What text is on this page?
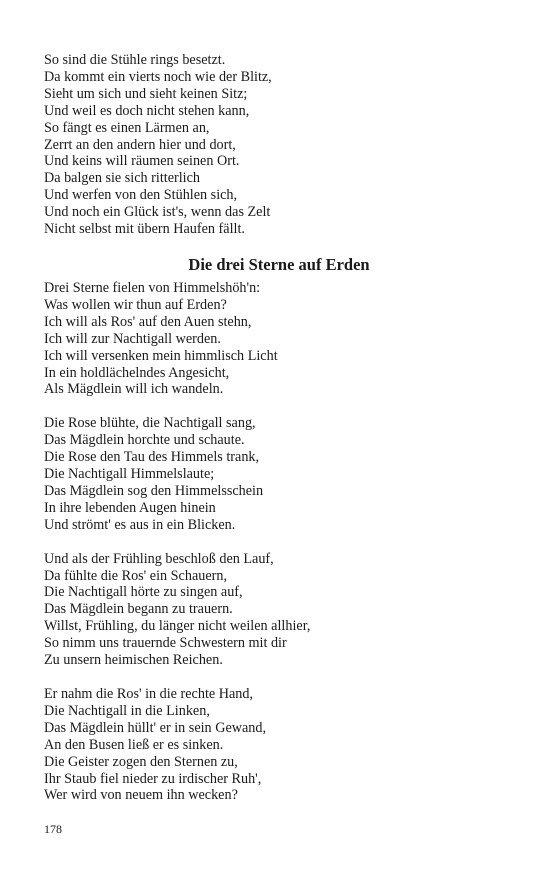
So sind die Stühle rings besetzt.
Da kommt ein vierts noch wie der Blitz,
Sieht um sich und sieht keinen Sitz;
Und weil es doch nicht stehen kann,
So fängt es einen Lärmen an,
Zerrt an den andern hier und dort,
Und keins will räumen seinen Ort.
Da balgen sie sich ritterlich
Und werfen von den Stühlen sich,
Und noch ein Glück ist's, wenn das Zelt
Nicht selbst mit übern Haufen fällt.
Die drei Sterne auf Erden
Drei Sterne fielen von Himmelshöh'n:
Was wollen wir thun auf Erden?
Ich will als Ros' auf den Auen stehn,
Ich will zur Nachtigall werden.
Ich will versenken mein himmlisch Licht
In ein holdlächelndes Angesicht,
Als Mägdlein will ich wandeln.
Die Rose blühte, die Nachtigall sang,
Das Mägdlein horchte und schaute.
Die Rose den Tau des Himmels trank,
Die Nachtigall Himmelslaute;
Das Mägdlein sog den Himmelsschein
In ihre lebenden Augen hinein
Und strömt' es aus in ein Blicken.
Und als der Frühling beschloß den Lauf,
Da fühlte die Ros' ein Schauern,
Die Nachtigall hörte zu singen auf,
Das Mägdlein begann zu trauern.
Willst, Frühling, du länger nicht weilen allhier,
So nimm uns trauernde Schwestern mit dir
Zu unsern heimischen Reichen.
Er nahm die Ros' in die rechte Hand,
Die Nachtigall in die Linken,
Das Mägdlein hüllt' er in sein Gewand,
An den Busen ließ er es sinken.
Die Geister zogen den Sternen zu,
Ihr Staub fiel nieder zu irdischer Ruh',
Wer wird von neuem ihn wecken?
178
